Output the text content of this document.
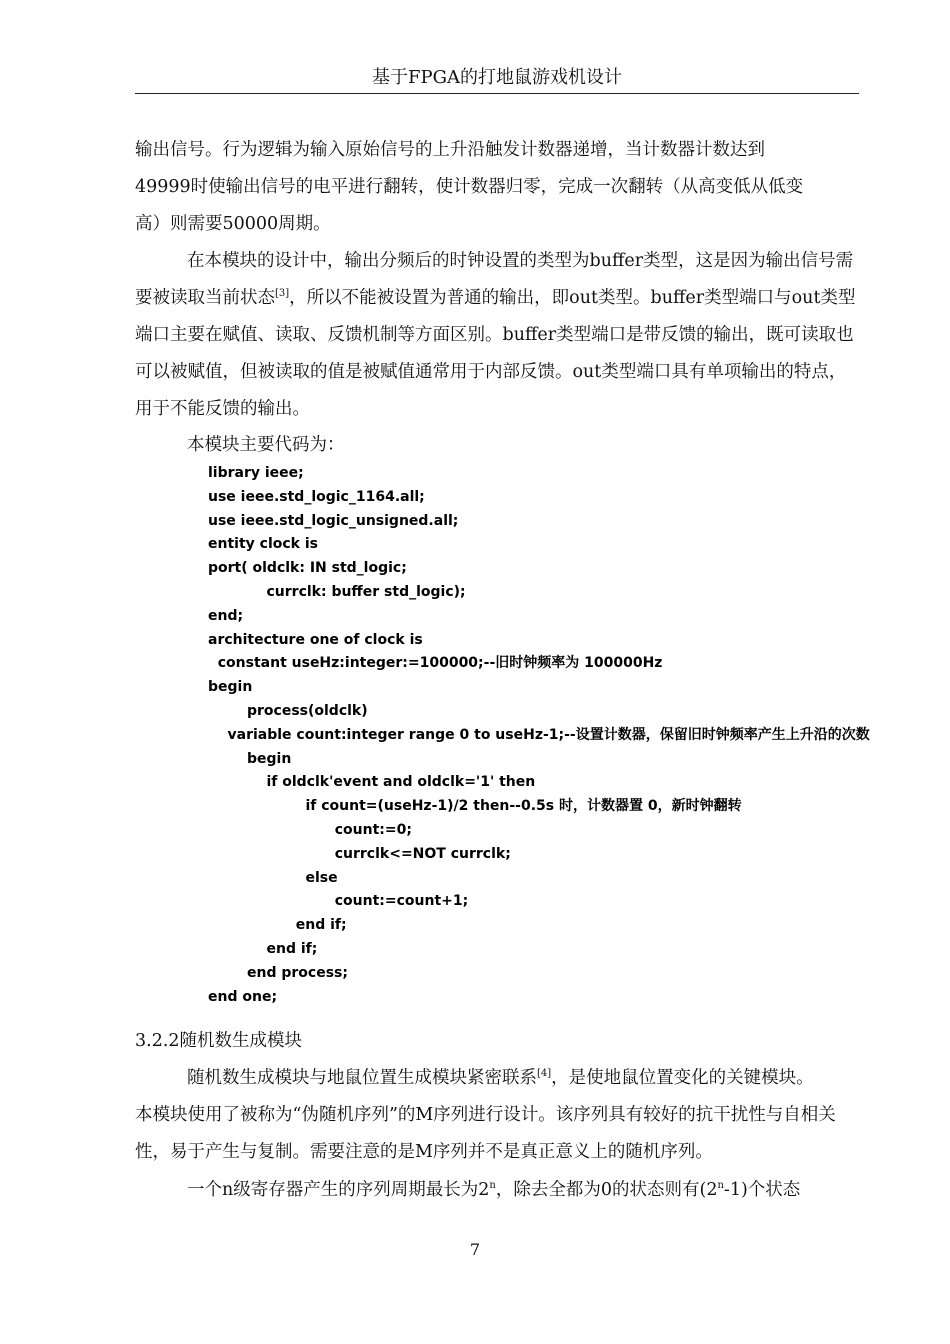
基于FPGA的打地鼠游戏机设计

输出信号。行为逻辑为输入原始信号的上升沿触发计数器递增，当计数器计数达到
49999时使输出信号的电平进行翻转，使计数器归零，完成一次翻转（从高变低从低变
高）则需要50000周期。

在本模块的设计中，输出分频后的时钟设置的类型为buffer类型，这是因为输出信号需要被读取当前状态[3]，所以不能被设置为普通的输出，即out类型。buffer类型端口与out类型端口主要在赋值、读取、反馈机制等方面区别。buffer类型端口是带反馈的输出，既可读取也可以被赋值，但被读取的值是被赋值通常用于内部反馈。out类型端口具有单项输出的特点，用于不能反馈的输出。

本模块主要代码为：
library ieee;
use ieee.std_logic_1164.all;
use ieee.std_logic_unsigned.all;
entity clock is
port( oldclk: IN std_logic;
currclk: buffer std_logic);
end;
architecture one of clock is
constant useHz:integer:=100000;--旧时钟频率为 100000Hz
begin
process(oldclk)
variable count:integer range 0 to useHz-1;--设置计数器，保留旧时钟频率产生上升沿的次数
begin
if oldclk'event and oldclk='1' then
if count=(useHz-1)/2 then--0.5s 时，计数器置 0，新时钟翻转
count:=0;
currclk<=NOT currclk;
else
count:=count+1;
end if;
end if;
end process;
end one;
3.2.2随机数生成模块

随机数生成模块与地鼠位置生成模块紧密联系[4]，是使地鼠位置变化的关键模块。
本模块使用了被称为“伪随机序列”的M序列进行设计。该序列具有较好的抗干扰性与自相关性，易于产生与复制。需要注意的是M序列并不是真正意义上的随机序列。

一个n级寄存器产生的序列周期最长为2$^n$，除去全都为0的状态则有(2$^n$-1)个状态

7
